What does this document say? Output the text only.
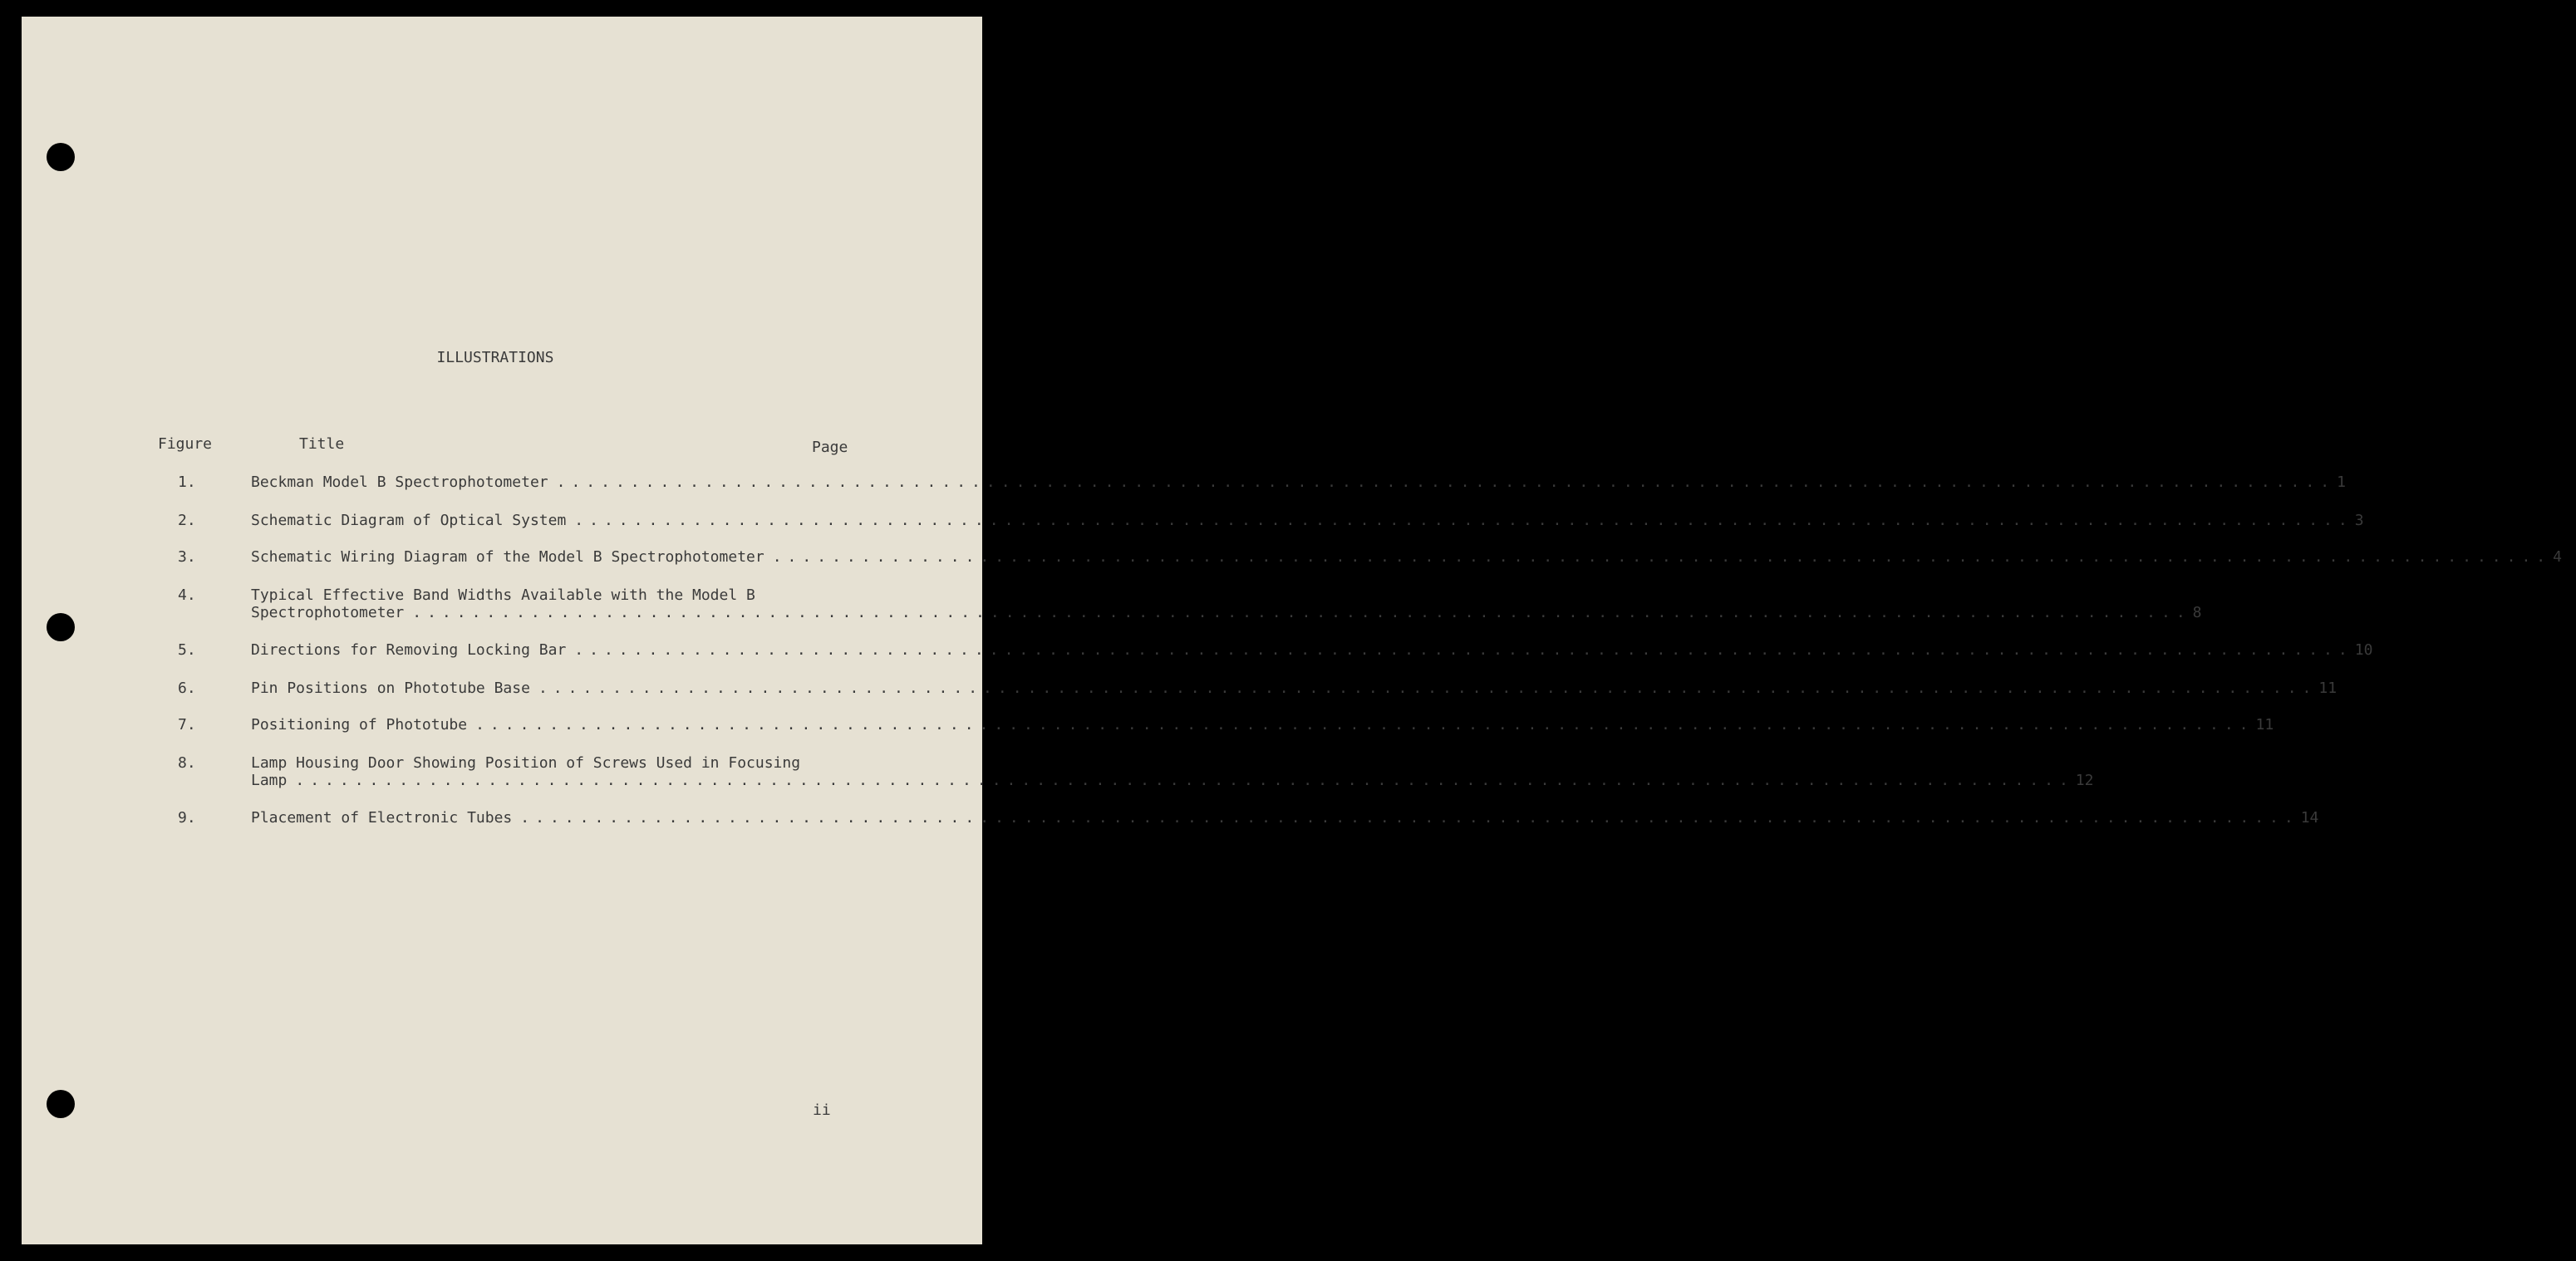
ILLUSTRATIONS
Figure	Title	Page
1.	Beckman Model B Spectrophotometer ........................................................................................................................ 1
2.	Schematic Diagram of Optical System ........................................................................................................................ 3
3.	Schematic Wiring Diagram of the Model B Spectrophotometer ........................................................................................................................ 4
4.	Typical Effective Band Widths Available with the Model B
Spectrophotometer ........................................................................................................................ 8
5.	Directions for Removing Locking Bar ........................................................................................................................ 10
6.	Pin Positions on Phototube Base ........................................................................................................................ 11
7.	Positioning of Phototube ........................................................................................................................ 11
8.	Lamp Housing Door Showing Position of Screws Used in Focusing
Lamp ........................................................................................................................ 12
9.	Placement of Electronic Tubes ........................................................................................................................ 14
ii
